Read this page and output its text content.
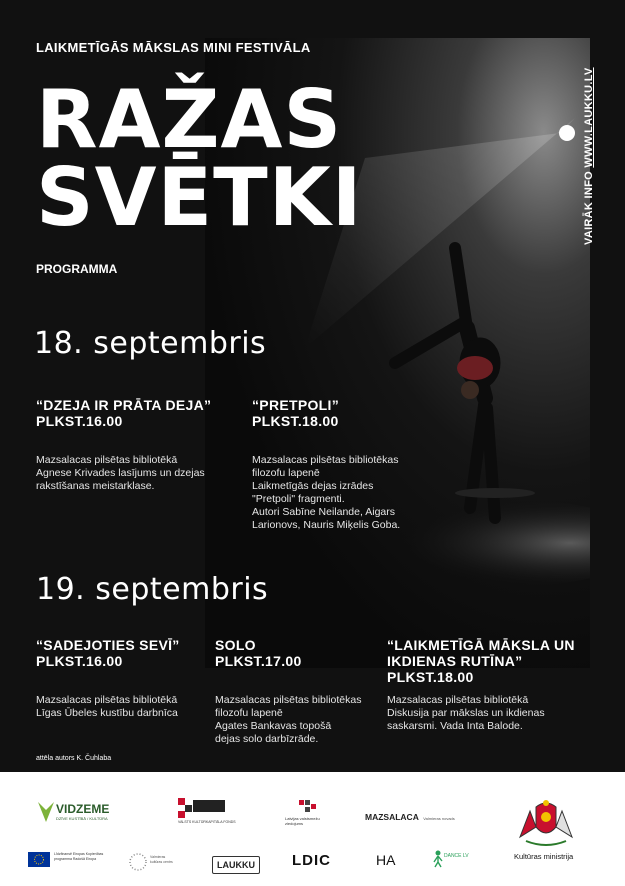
LAIKMETĪGĀS MĀKSLAS MINI FESTIVĀLA
RAŽAS
SVĒTKI
PROGRAMMA
VAIRĀK INFO WWW.LAUKKU.LV
18. septembris
“DZEJA IR PRĀTA DEJA”
PLKST.16.00
Mazsalacas pilsētas bibliotēkā
Agnese Krivades lasījums un dzejas
rakstīšanas meistarklase.
“PRETPOLI”
PLKST.18.00
Mazsalacas pilsētas bibliotēkas
filozofu lapenē
Laikmetīgās dejas izrādes
"Pretpoli" fragmenti.
Autori Sabīne Neilande, Aigars
Larionovs, Nauris Miķelis Goba.
19. septembris
“SADEJOTIES SEVĪ”
PLKST.16.00
Mazsalacas pilsētas bibliotēkā
Līgas Ūbeles kustību darbnīca
SOLO
PLKST.17.00
Mazsalacas pilsētas bibliotēkas
filozofu lapenē
Agates Bankavas topošā
dejas solo darbīzrāde.
“LAIKMETĪGĀ MĀKSLA UN
IKDIENAS RUTĪNA”
PLKST.18.00
Mazsalacas pilsētas bibliotēkā
Diskusija par mākslas un ikdienas
saskarsmi. Vada Inta Balode.
attēla autors K. Čuhlaba
VIDZEME
DZĪVE KUSTĪBĀ / KULTŪRA
VALSTS KULTŪRKAPITĀLA FONDS
Latvijas valstsmežu ziedojums
MAZSALACA Valmieras novads
Kultūras ministrija
Līdzfinansē Eiropas Kopienības programma Radošā Eiropa	Valmieras kultūras centrs	LAUKKU LDIC	HA	DANCE LV
